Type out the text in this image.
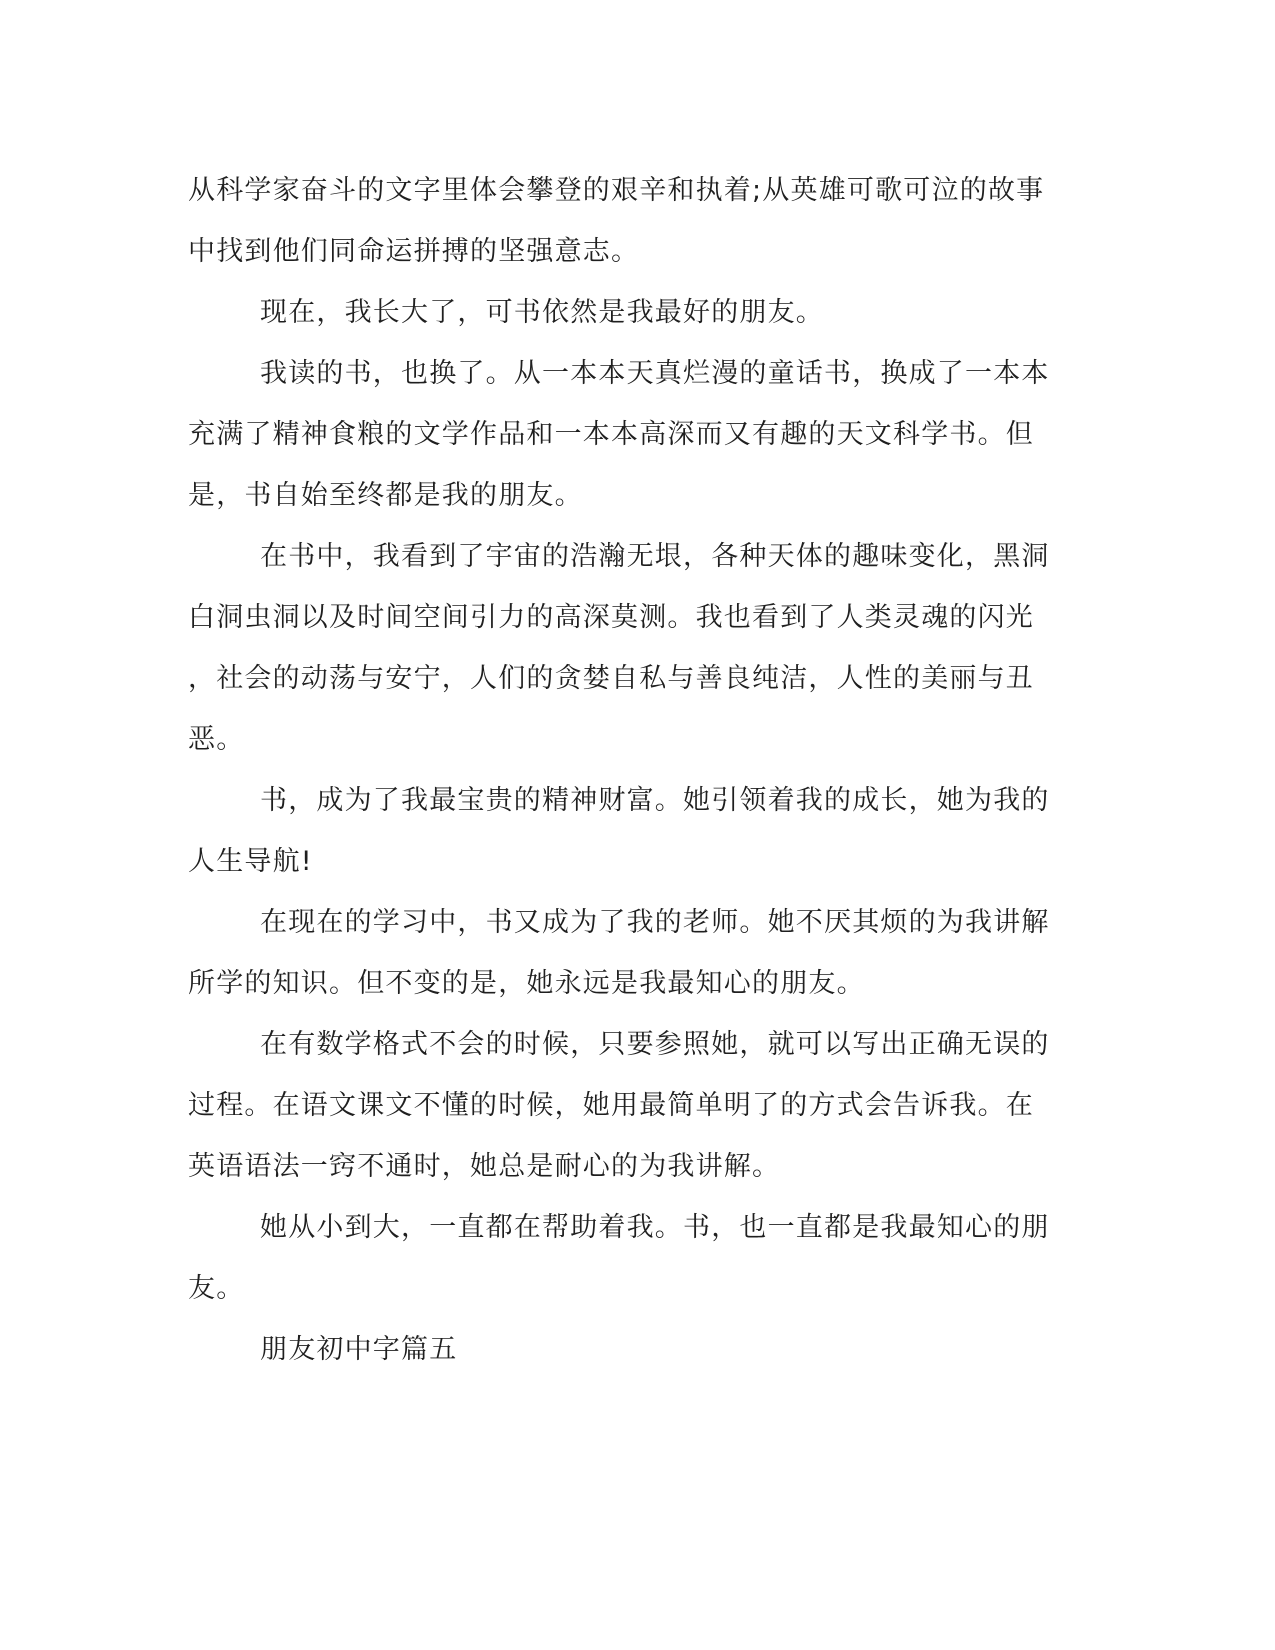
从科学家奋斗的文字里体会攀登的艰辛和执着;从英雄可歌可泣的故事
中找到他们同命运拼搏的坚强意志。

现在，我长大了，可书依然是我最好的朋友。

我读的书，也换了。从一本本天真烂漫的童话书，换成了一本本
充满了精神食粮的文学作品和一本本高深而又有趣的天文科学书。但
是，书自始至终都是我的朋友。

在书中，我看到了宇宙的浩瀚无垠，各种天体的趣味变化，黑洞
白洞虫洞以及时间空间引力的高深莫测。我也看到了人类灵魂的闪光
，社会的动荡与安宁，人们的贪婪自私与善良纯洁，人性的美丽与丑
恶。

书，成为了我最宝贵的精神财富。她引领着我的成长，她为我的
人生导航!

在现在的学习中，书又成为了我的老师。她不厌其烦的为我讲解
所学的知识。但不变的是，她永远是我最知心的朋友。

在有数学格式不会的时候，只要参照她，就可以写出正确无误的
过程。在语文课文不懂的时候，她用最简单明了的方式会告诉我。在
英语语法一窍不通时，她总是耐心的为我讲解。

她从小到大，一直都在帮助着我。书，也一直都是我最知心的朋
友。

朋友初中字篇五
